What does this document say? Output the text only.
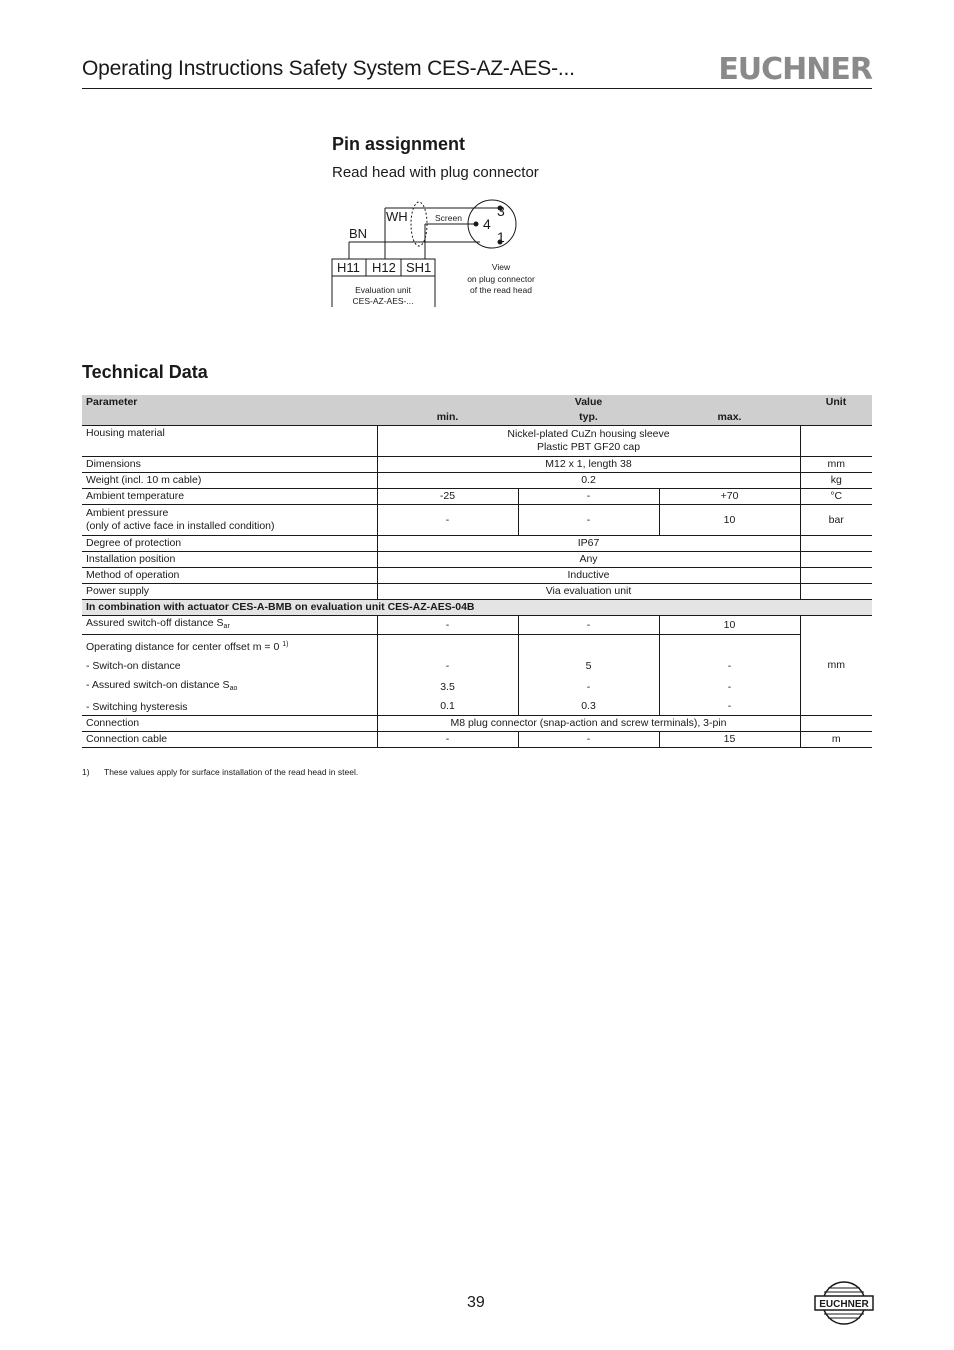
Operating Instructions Safety System CES-AZ-AES-...	EUCHNER
Pin assignment
Read head with plug connector
H11 H12 SH1
Evaluation unit
CES-AZ-AES-...
WH
BN
Screen	3
4
1
View
on plug connector
of the read head
Technical Data
Parameter	Value			Unit
	min.	typ.	max.	
Housing material	Nickel-plated CuZn housing sleeve
Plastic PBT GF20 cap			

Dimensions	M12 x 1, length 38			mm
Weight (incl. 10 m cable)	0.2			kg
Ambient temperature	-25	-	+70	°C

Ambient pressure
(only of active face in installed condition)	-	-	10	bar
Degree of protection	IP67			
Installation position	Any			
Method of operation	Inductive			
Power supply	Via evaluation unit			
In combination with actuator CES-A-BMB on evaluation unit CES-AZ-AES-04B				
Assured switch-off distance $S_{ar}$	-	-	10	mm
Operating distance for center offset m = 0 $^{1)}$			
- Switch-on distance	-	5	-	
- Assured switch-on distance $S_{ao}$	3.5	-	-	
- Switching hysteresis	0.1	0.3	-	
Connection	M8 plug connector (snap-action and screw terminals), 3-pin			
Connection cable	-	-	15	m
1) These values apply for surface installation of the read head in steel.
39	EUCHNER
